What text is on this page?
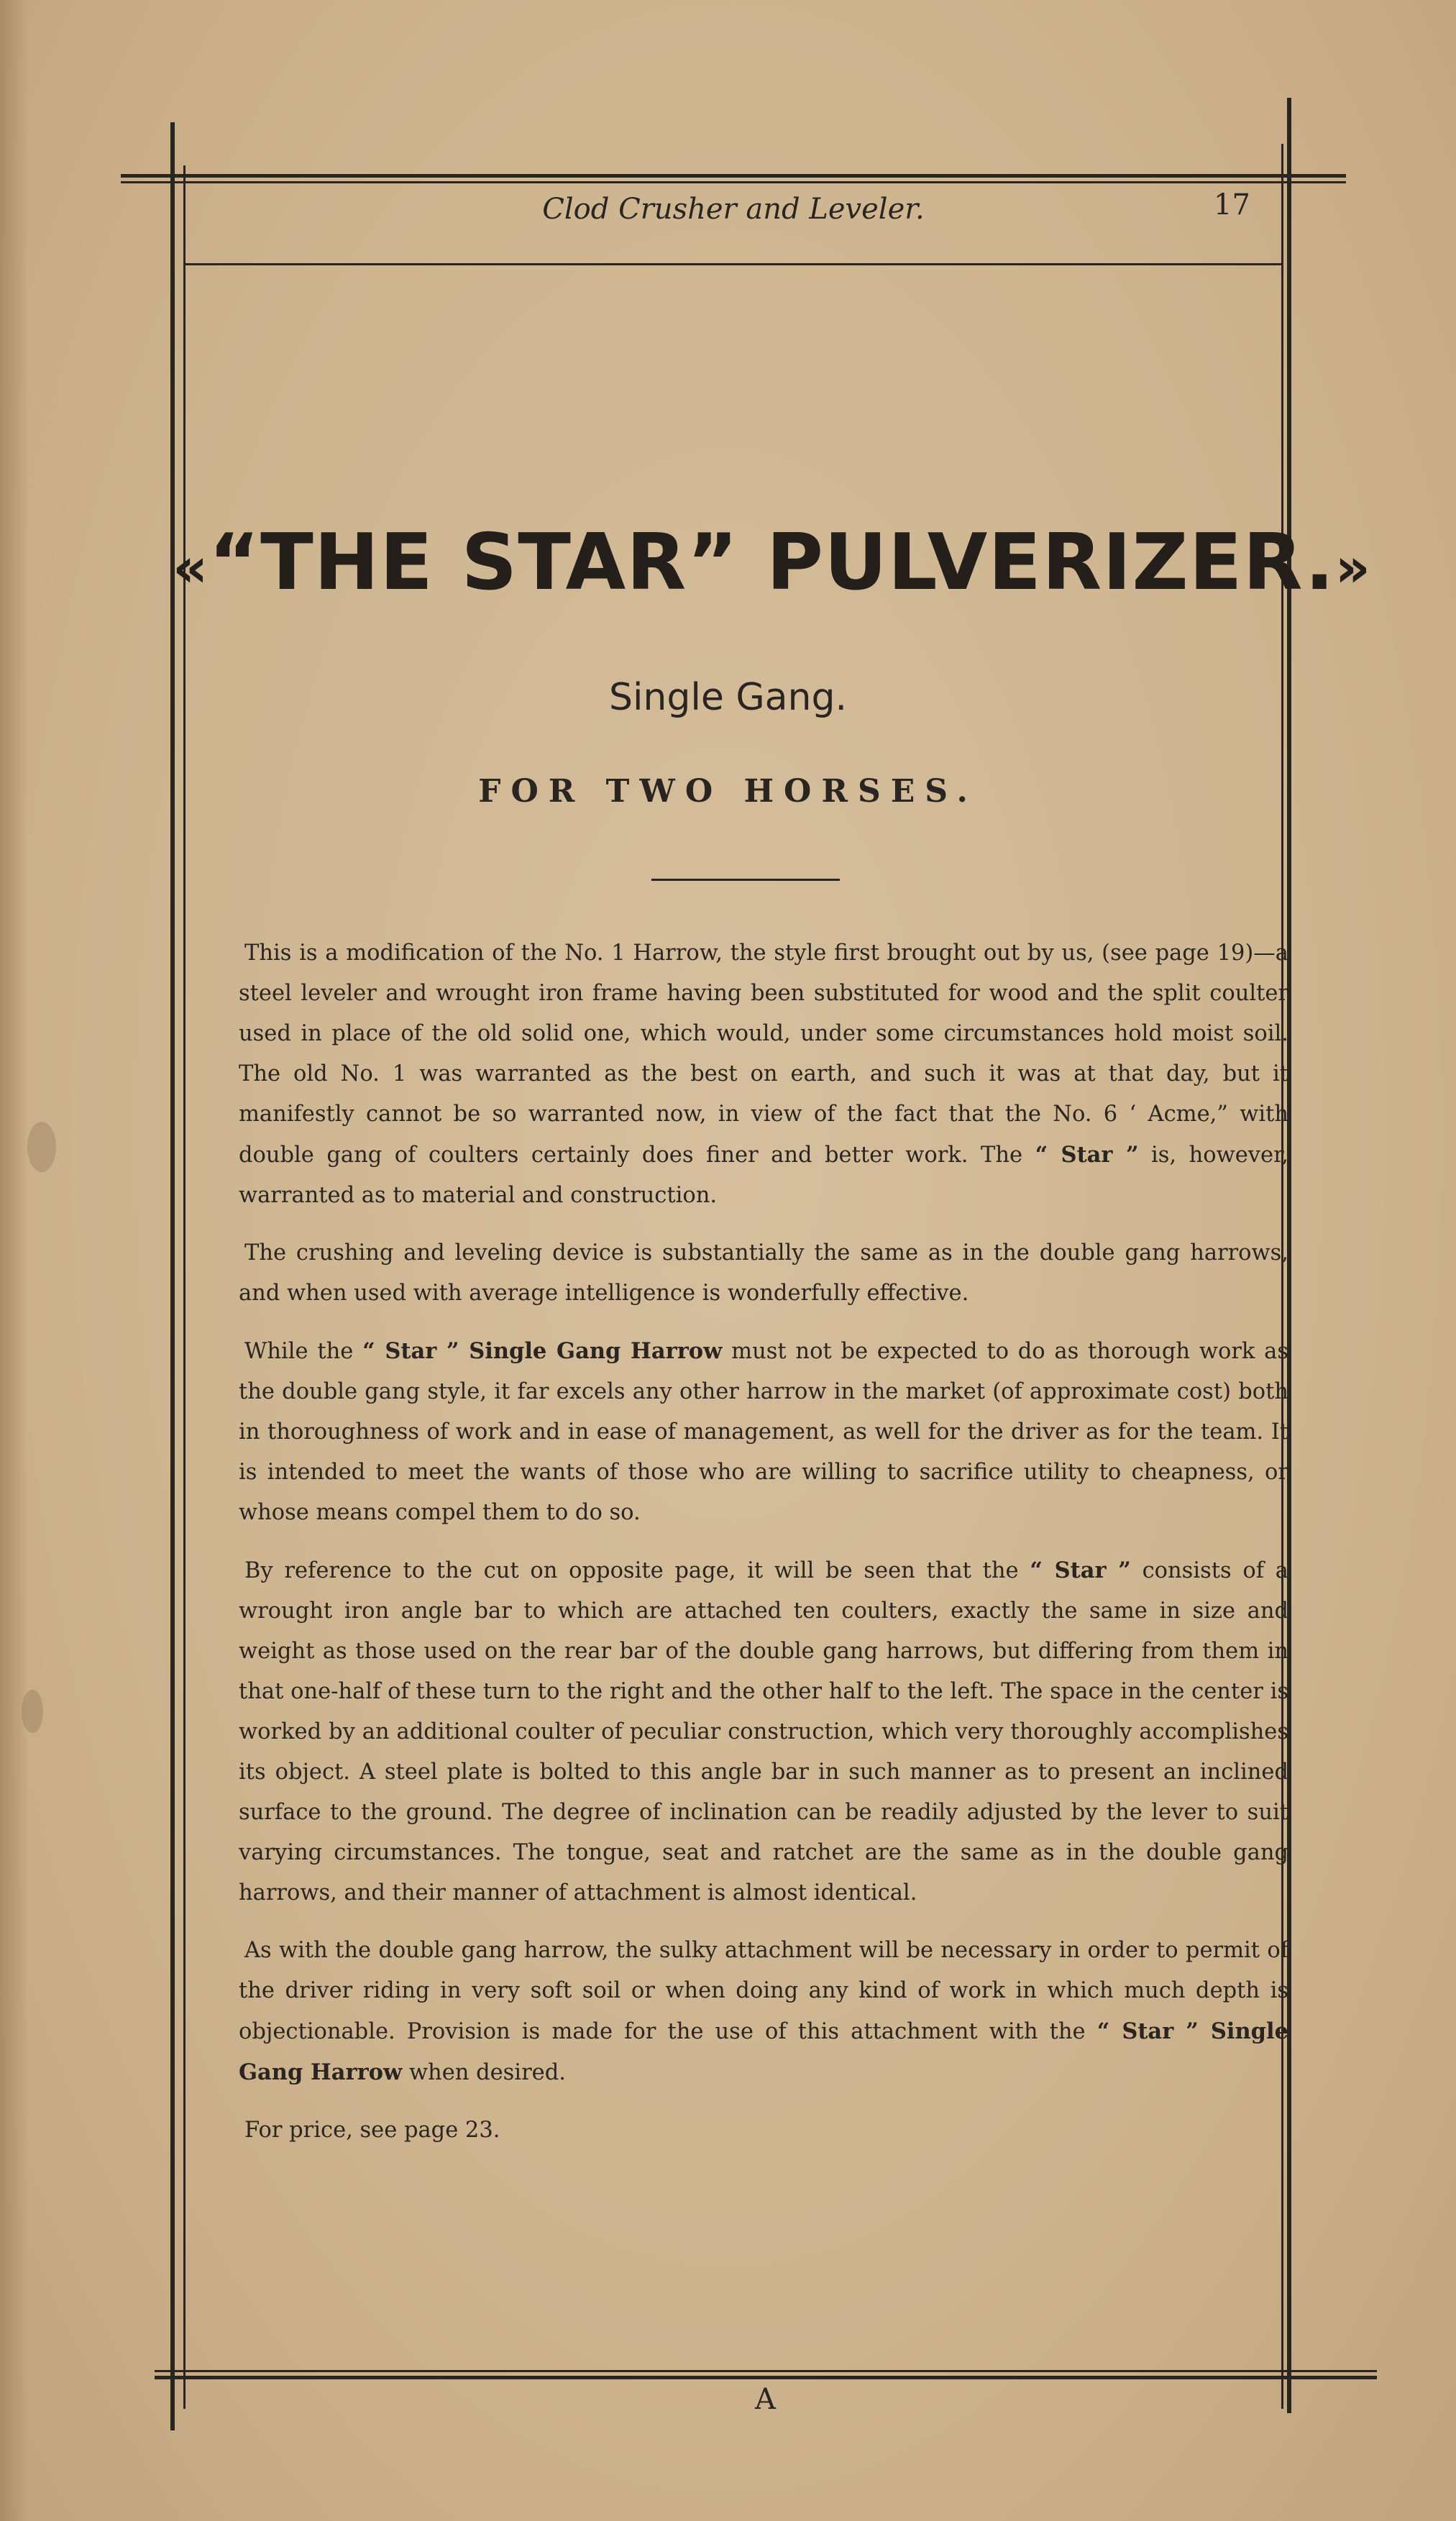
Clod Crusher and Leveler.	17
«“THE STAR” PULVERIZER.»
Single Gang.
FOR TWO HORSES.

This is a modification of the No. 1 Harrow, the style first brought out by us, (see page 19)—a steel leveler and wrought iron frame having been substituted for wood and the split coulter used in place of the old solid one, which would, under some circumstances hold moist soil. The old No. 1 was warranted as the best on earth, and such it was at that day, but it manifestly cannot be so warranted now, in view of the fact that the No. 6 ‘ Acme,” with double gang of coulters certainly does finer and better work. The “ Star ” is, however, warranted as to material and construction.

The crushing and leveling device is substantially the same as in the double gang harrows, and when used with average intelligence is wonderfully effective.

While the “ Star ” Single Gang Harrow must not be expected to do as thorough work as the double gang style, it far excels any other harrow in the market (of approximate cost) both in thoroughness of work and in ease of management, as well for the driver as for the team. It is intended to meet the wants of those who are willing to sacrifice utility to cheapness, or whose means compel them to do so.

By reference to the cut on opposite page, it will be seen that the “ Star ” consists of a wrought iron angle bar to which are attached ten coulters, exactly the same in size and weight as those used on the rear bar of the double gang harrows, but differing from them in that one-half of these turn to the right and the other half to the left. The space in the center is worked by an additional coulter of peculiar construction, which very thoroughly accomplishes its object. A steel plate is bolted to this angle bar in such manner as to present an inclined surface to the ground. The degree of inclination can be readily adjusted by the lever to suit varying circumstances. The tongue, seat and ratchet are the same as in the double gang harrows, and their manner of attachment is almost identical.

As with the double gang harrow, the sulky attachment will be necessary in order to permit of the driver riding in very soft soil or when doing any kind of work in which much depth is objectionable. Provision is made for the use of this attachment with the “ Star ” Single Gang Harrow when desired.

For price, see page 23.

A
